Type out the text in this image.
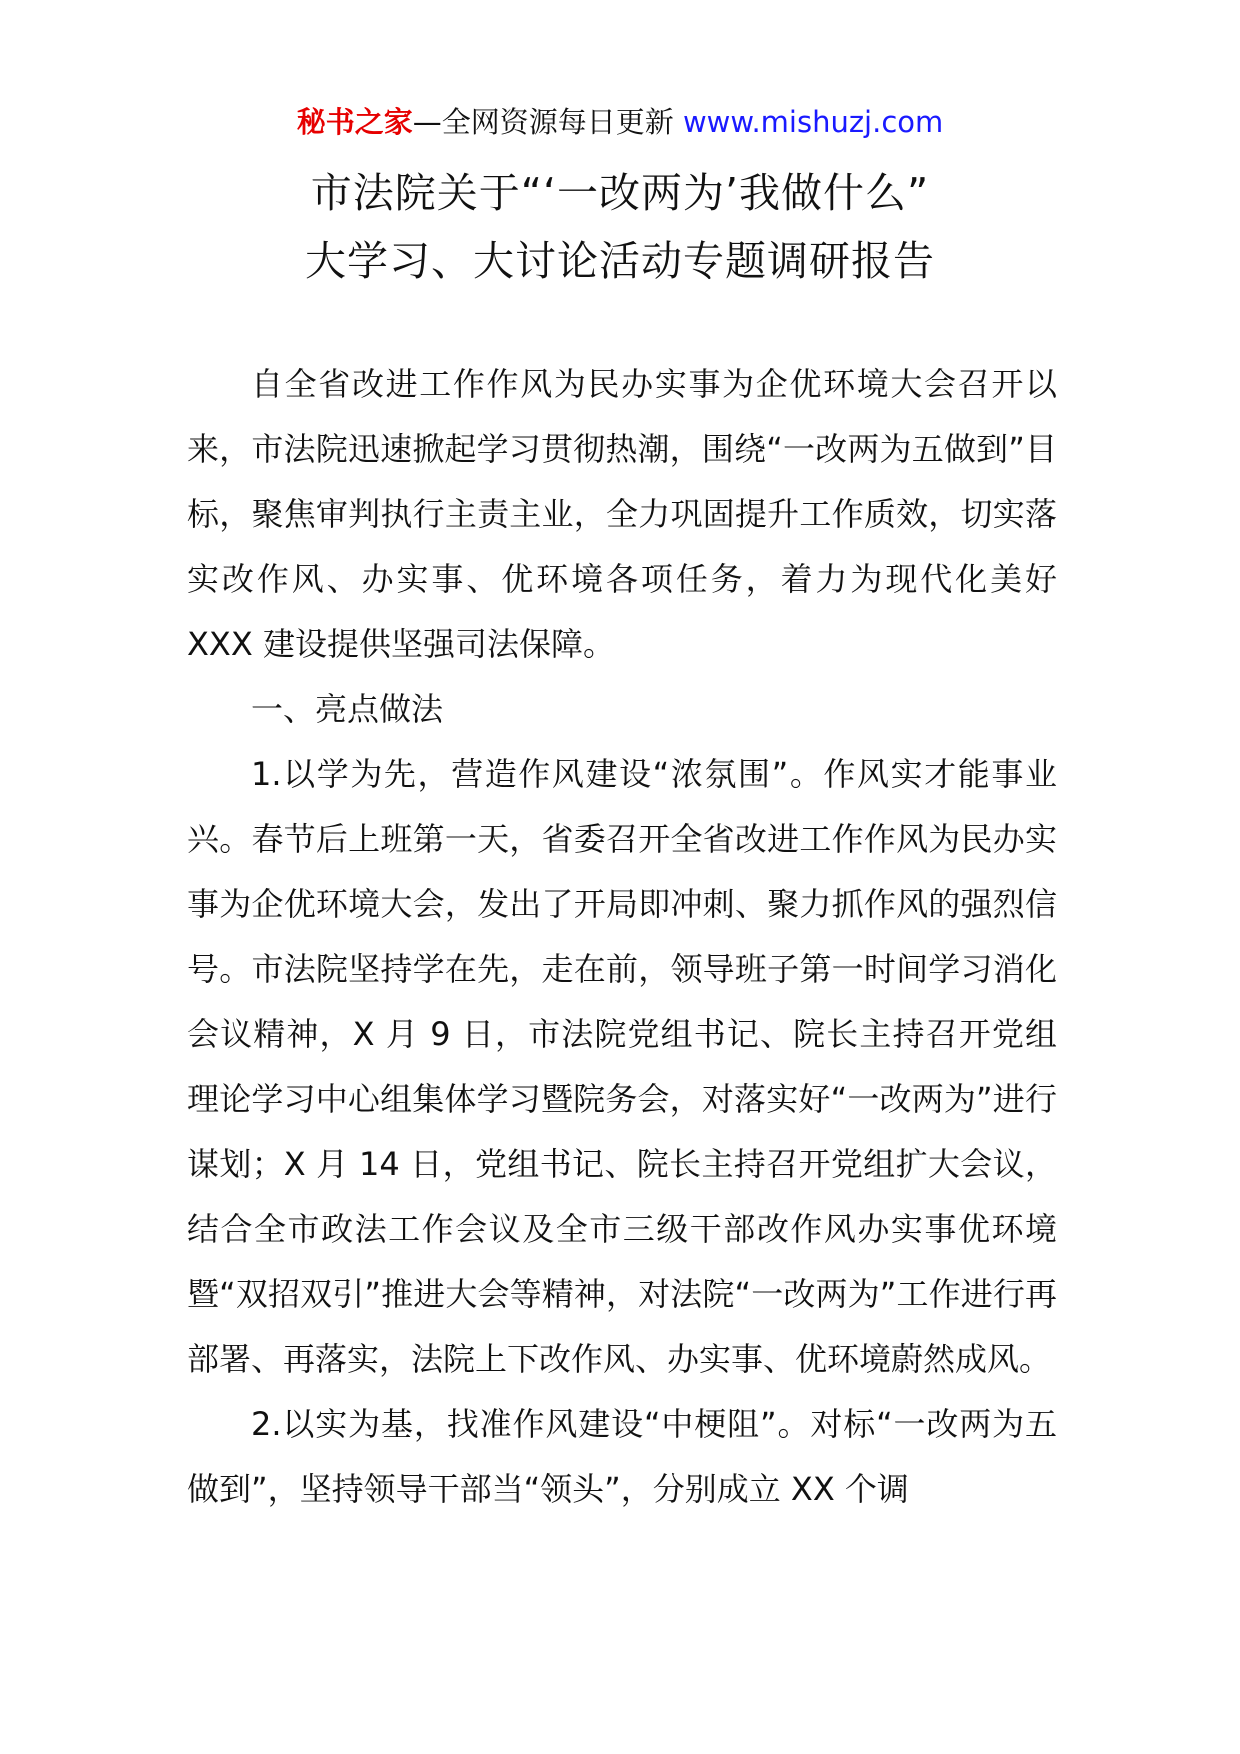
秘书之家—全网资源每日更新 www.mishuzj.com
市法院关于“‘一改两为’我做什么”
大学习、大讨论活动专题调研报告

自全省改进工作作风为民办实事为企优环境大会召开以来，市法院迅速掀起学习贯彻热潮，围绕“一改两为五做到”目标，聚焦审判执行主责主业，全力巩固提升工作质效，切实落实改作风、办实事、优环境各项任务，着力为现代化美好 XXX 建设提供坚强司法保障。

一、亮点做法

1.以学为先，营造作风建设“浓氛围”。作风实才能事业兴。春节后上班第一天，省委召开全省改进工作作风为民办实事为企优环境大会，发出了开局即冲刺、聚力抓作风的强烈信号。市法院坚持学在先，走在前，领导班子第一时间学习消化会议精神，X 月 9 日，市法院党组书记、院长主持召开党组理论学习中心组集体学习暨院务会，对落实好“一改两为”进行谋划；X 月 14 日，党组书记、院长主持召开党组扩大会议，结合全市政法工作会议及全市三级干部改作风办实事优环境暨“双招双引”推进大会等精神，对法院“一改两为”工作进行再部署、再落实，法院上下改作风、办实事、优环境蔚然成风。

2.以实为基，找准作风建设“中梗阻”。对标“一改两为五做到”，坚持领导干部当“领头”，分别成立 XX 个调
